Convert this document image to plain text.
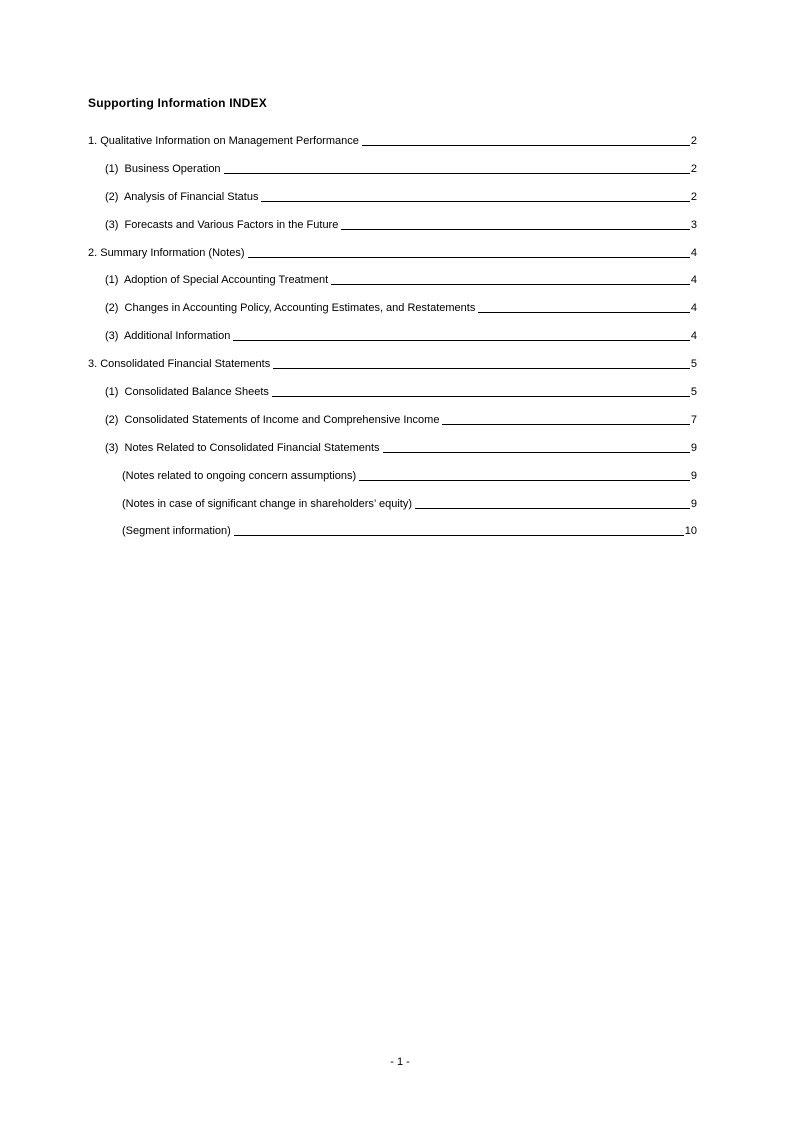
Supporting Information INDEX
1. Qualitative Information on Management Performance	2
(1)  Business Operation	2
(2)  Analysis of Financial Status	2
(3)  Forecasts and Various Factors in the Future	3
2. Summary Information (Notes)	4
(1)  Adoption of Special Accounting Treatment	4
(2)  Changes in Accounting Policy, Accounting Estimates, and Restatements	4
(3)  Additional Information	4
3. Consolidated Financial Statements	5
(1)  Consolidated Balance Sheets	5
(2)  Consolidated Statements of Income and Comprehensive Income	7
(3)  Notes Related to Consolidated Financial Statements	9
(Notes related to ongoing concern assumptions)	9
(Notes in case of significant change in shareholders’ equity)	9
(Segment information)	10
- 1 -
